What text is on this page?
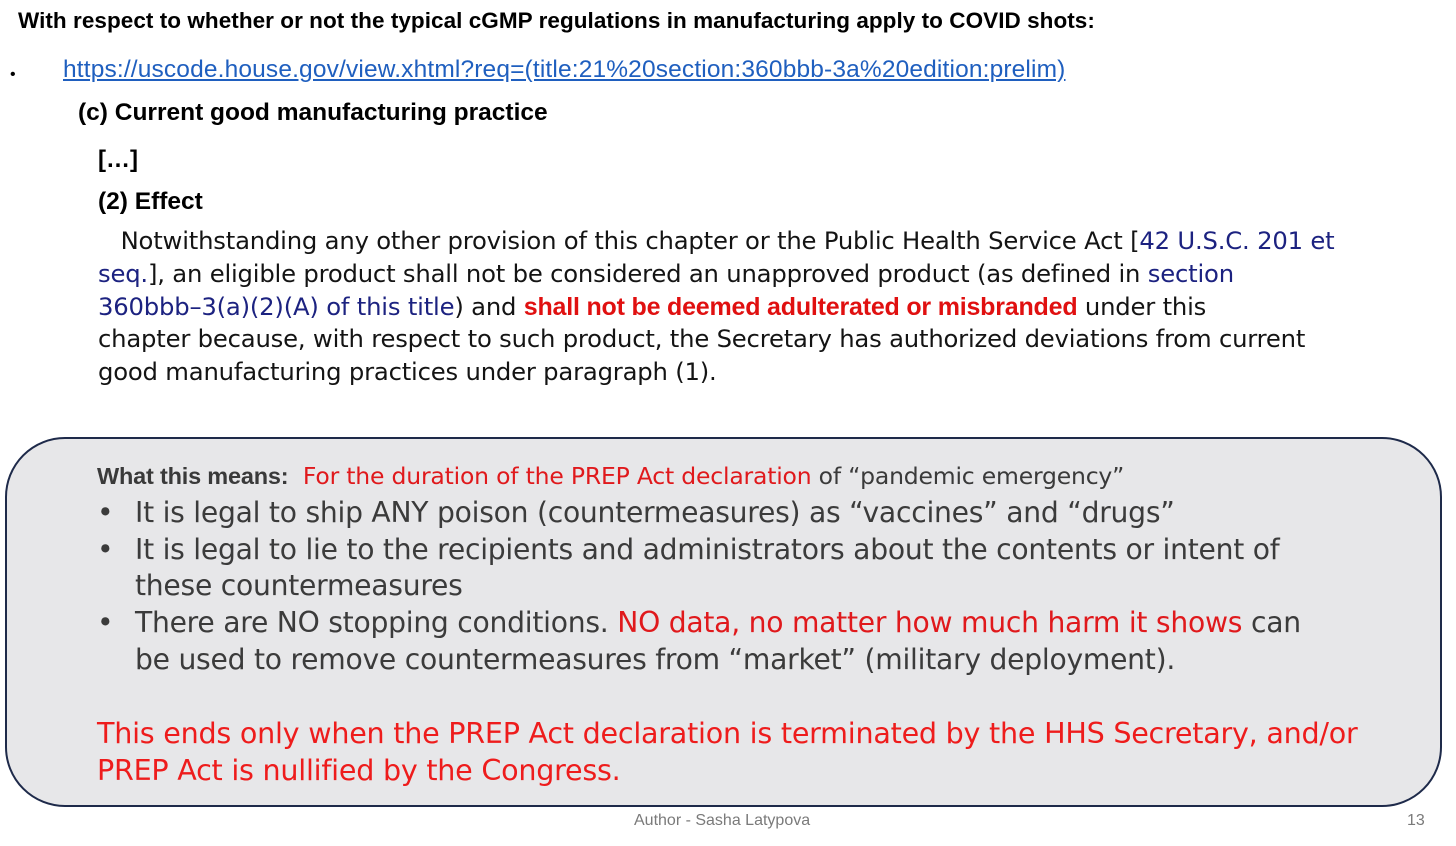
With respect to whether or not the typical cGMP regulations in manufacturing apply to COVID shots:
• https://uscode.house.gov/view.xhtml?req=(title:21%20section:360bbb-3a%20edition:prelim)
(c) Current good manufacturing practice
[…]
(2) Effect
Notwithstanding any other provision of this chapter or the Public Health Service Act [42 U.S.C. 201 et
seq.], an eligible product shall not be considered an unapproved product (as defined in section
360bbb–3(a)(2)(A) of this title) and shall not be deemed adulterated or misbranded under this
chapter because, with respect to such product, the Secretary has authorized deviations from current
good manufacturing practices under paragraph (1).
What this means: For the duration of the PREP Act declaration of “pandemic emergency”
• It is legal to ship ANY poison (countermeasures) as “vaccines” and “drugs”
• It is legal to lie to the recipients and administrators about the contents or intent of
these countermeasures
• There are NO stopping conditions. NO data, no matter how much harm it shows can
be used to remove countermeasures from “market” (military deployment).
This ends only when the PREP Act declaration is terminated by the HHS Secretary, and/or
PREP Act is nullified by the Congress.
Author - Sasha Latypova	13
